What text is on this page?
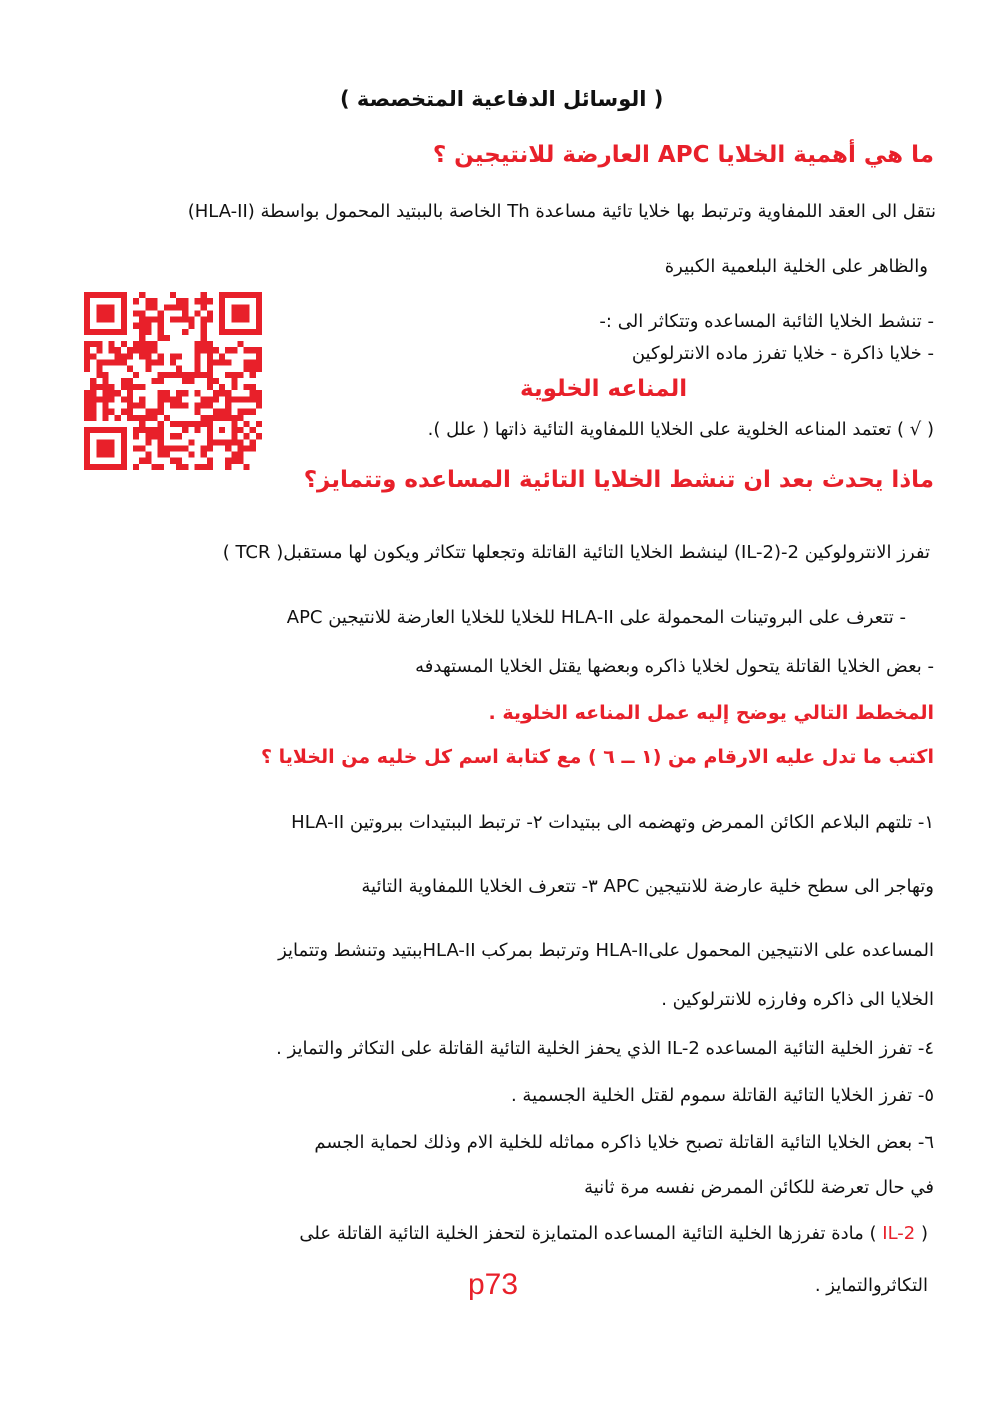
( الوسائل الدفاعية المتخصصة )
ما هي أهمية الخلايا APC العارضة للانتيجين ؟
نتقل الى العقد اللمفاوية وترتبط بها خلايا تائية مساعدة Th الخاصة بالببتيد المحمول بواسطة (HLA-II)
والظاهر على الخلية البلعمية الكبيرة
- تنشط الخلايا الثائبة المساعده وتتكاثر الى :-
- خلايا ذاكرة - خلايا تفرز ماده الانترلوكين
المناعه الخلوية
( √ ) تعتمد المناعه الخلوية على الخلايا اللمفاوية التائية ذاتها ( علل ).
ماذا يحدث بعد ان تنشط الخلايا التائية المساعده وتتمايز؟
تفرز الانترولوكين 2-(IL-2) لينشط الخلايا التائية القاتلة وتجعلها تتكاثر ويكون لها مستقبل( TCR )
- تتعرف على البروتينات المحمولة على HLA-II للخلايا للخلايا العارضة للانتيجين APC
- بعض الخلايا القاتلة يتحول لخلايا ذاكره وبعضها يقتل الخلايا المستهدفه
المخطط التالي يوضح إليه عمل المناعه الخلوية .
اكتب ما تدل عليه الارقام من (١ ــ ٦ ) مع كتابة اسم كل خليه من الخلايا ؟
١- تلتهم البلاعم الكائن الممرض وتهضمه الى ببتيدات ٢- ترتبط الببتيدات ببروتين HLA-II
وتهاجر الى سطح خلية عارضة للانتيجين APC ٣- تتعرف الخلايا اللمفاوية التائية
المساعده على الانتيجين المحمول علىHLA-II وترتبط بمركب HLA-IIببتيد وتنشط وتتمايز
الخلايا الى ذاكره وفارزه للانترلوكين .
٤- تفرز الخلية التائية المساعده IL-2 الذي يحفز الخلية التائية القاتلة على التكاثر والتمايز .
٥- تفرز الخلايا التائية القاتلة سموم لقتل الخلية الجسمية .
٦- بعض الخلايا التائية القاتلة تصبح خلايا ذاكره مماثله للخلية الام وذلك لحماية الجسم
في حال تعرضة للكائن الممرض نفسه مرة ثانية
( IL-2 ) مادة تفرزها الخلية التائية المساعده المتمايزة لتحفز الخلية التائية القاتلة على
التكاثروالتمايز .
p73
